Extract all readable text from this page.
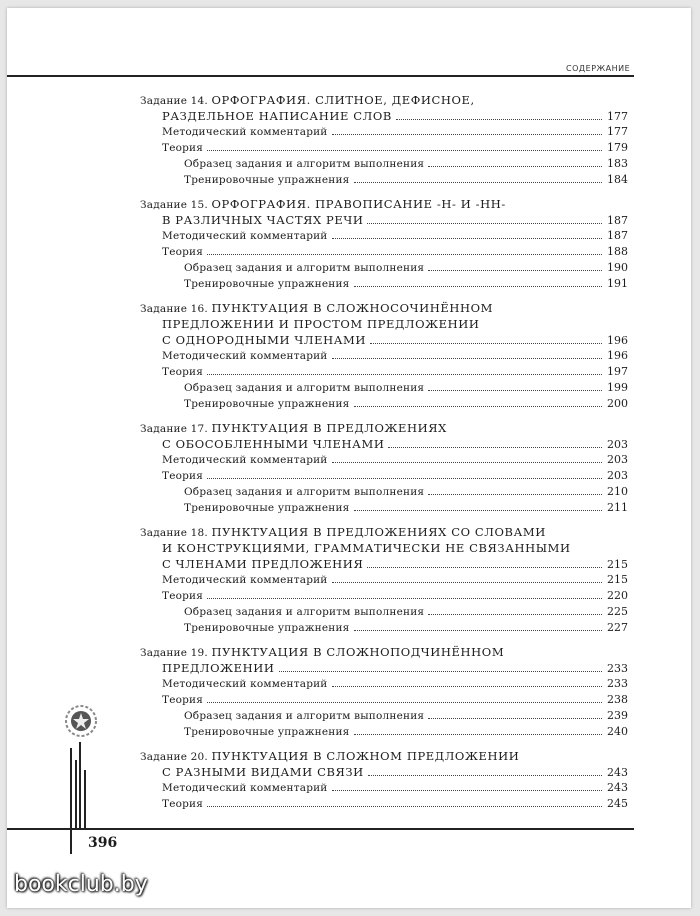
СОДЕРЖАНИЕ
Задание 14. ОРФОГРАФИЯ. СЛИТНОЕ, ДЕФИСНОЕ,
РАЗДЕЛЬНОЕ НАПИСАНИЕ СЛОВ	177
Методический комментарий	177
Теория	179
Образец задания и алгоритм выполнения	183
Тренировочные упражнения	184
Задание 15. ОРФОГРАФИЯ. ПРАВОПИСАНИЕ -Н- И -НН-
В РАЗЛИЧНЫХ ЧАСТЯХ РЕЧИ	187
Методический комментарий	187
Теория	188
Образец задания и алгоритм выполнения	190
Тренировочные упражнения	191
Задание 16. ПУНКТУАЦИЯ В СЛОЖНОСОЧИНЁННОМ
ПРЕДЛОЖЕНИИ И ПРОСТОМ ПРЕДЛОЖЕНИИ
С ОДНОРОДНЫМИ ЧЛЕНАМИ	196
Методический комментарий	196
Теория	197
Образец задания и алгоритм выполнения	199
Тренировочные упражнения	200
Задание 17. ПУНКТУАЦИЯ В ПРЕДЛОЖЕНИЯХ
С ОБОСОБЛЕННЫМИ ЧЛЕНАМИ	203
Методический комментарий	203
Теория	203
Образец задания и алгоритм выполнения	210
Тренировочные упражнения	211
Задание 18. ПУНКТУАЦИЯ В ПРЕДЛОЖЕНИЯХ СО СЛОВАМИ
И КОНСТРУКЦИЯМИ, ГРАММАТИЧЕСКИ НЕ СВЯЗАННЫМИ
С ЧЛЕНАМИ ПРЕДЛОЖЕНИЯ	215
Методический комментарий	215
Теория	220
Образец задания и алгоритм выполнения	225
Тренировочные упражнения	227
Задание 19. ПУНКТУАЦИЯ В СЛОЖНОПОДЧИНЁННОМ
ПРЕДЛОЖЕНИИ	233
Методический комментарий	233
Теория	238
Образец задания и алгоритм выполнения	239
Тренировочные упражнения	240
Задание 20. ПУНКТУАЦИЯ В СЛОЖНОМ ПРЕДЛОЖЕНИИ
С РАЗНЫМИ ВИДАМИ СВЯЗИ	243
Методический комментарий	243
Теория	245
396
bookclub.by
